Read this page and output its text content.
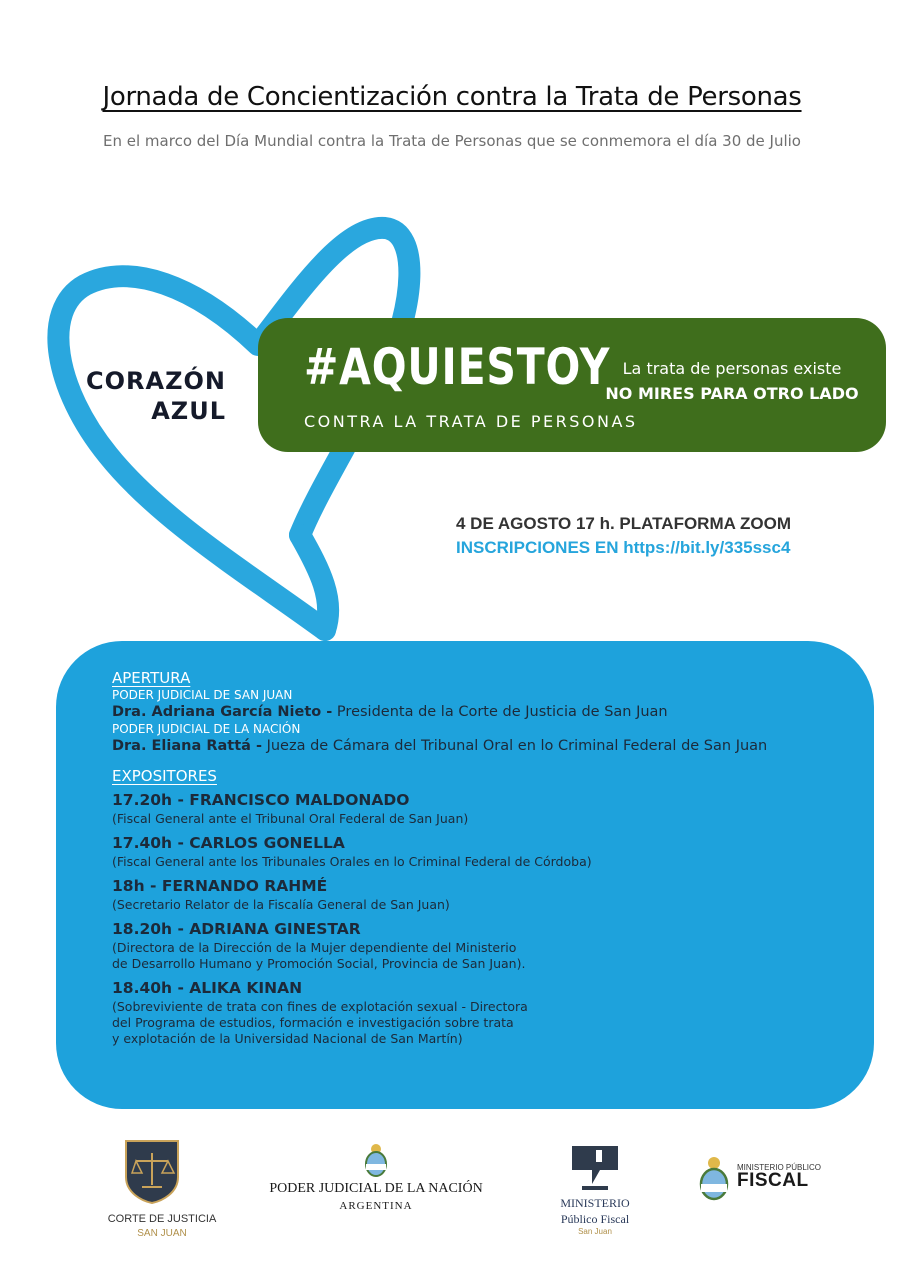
Jornada de Concientización contra la Trata de Personas
En el marco del Día Mundial contra la Trata de Personas que se conmemora el día 30 de Julio
CORAZÓN
AZUL
#AQUIESTOY
CONTRA LA TRATA DE PERSONAS
La trata de personas existe
NO MIRES PARA OTRO LADO
4 DE AGOSTO 17 h. PLATAFORMA ZOOM
INSCRIPCIONES EN https://bit.ly/335ssc4
APERTURA
PODER JUDICIAL DE SAN JUAN
Dra. Adriana García Nieto - Presidenta de la Corte de Justicia de San Juan
PODER JUDICIAL DE LA NACIÓN
Dra. Eliana Rattá - Jueza de Cámara del Tribunal Oral en lo Criminal Federal de San Juan
EXPOSITORES
17.20h - FRANCISCO MALDONADO
(Fiscal General ante el Tribunal Oral Federal de San Juan)
17.40h - CARLOS GONELLA
(Fiscal General ante los Tribunales Orales en lo Criminal Federal de Córdoba)
18h - FERNANDO RAHMÉ
(Secretario Relator de la Fiscalía General de San Juan)
18.20h - ADRIANA GINESTAR
(Directora de la Dirección de la Mujer dependiente del Ministerio
de Desarrollo Humano y Promoción Social, Provincia de San Juan).
18.40h - ALIKA KINAN
(Sobreviviente de trata con fines de explotación sexual - Directora
del Programa de estudios, formación e investigación sobre trata
y explotación de la Universidad Nacional de San Martín)
CORTE DE JUSTICIA
SAN JUAN
PODER JUDICIAL DE LA NACIÓN
ARGENTINA	MINISTERIO
Público Fiscal
San Juan
MINISTERIO PÚBLICO
FISCAL
